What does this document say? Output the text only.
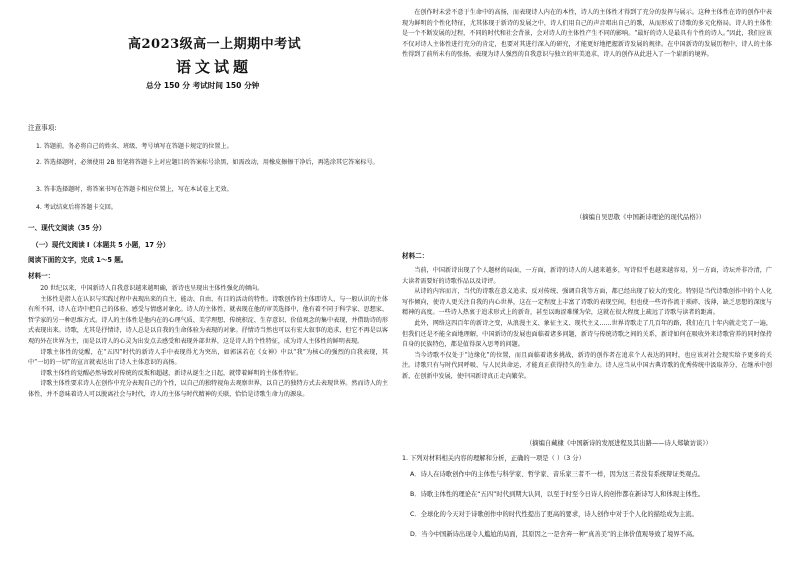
高2023级高一上期期中考试
语文试题
总分 150 分 考试时间 150 分钟
注意事项:
1. 答题前，务必将自己的姓名、班级、考号填写在答题卡规定的位置上。
2. 答选择题时，必须使用 2B 铅笔将答题卡上对应题目的答案标号涂黑，如需改动，用橡皮擦擦干净后，再选涂其它答案标号。
3. 答非选择题时，将答案书写在答题卡相应位置上，写在本试卷上无效。
4. 考试结束后将答题卡交回。
一、现代文阅读（35 分）
（一）现代文阅读 I（本题共 5 小题，17 分）
阅读下面的文字，完成 1～5 题。
材料一：

20 世纪以来，中国新诗人自我意识越来越明确，新诗也呈现出主体性强化的倾向。

主体性是指人在认识与实践过程中表现出来的自主、能动、自由、有目的活动的特性。诗歌创作的主体即诗人，与一般认识的主体有所不同，诗人在诗中把自己的体验、感受与情感对象化。诗人的主体性，就表现在他的审美选择中，他有着不同于科学家、思想家、哲学家的另一种思维方式。诗人的主体性是他内在的心理气质、美学理想、传统积淀、生存意识、价值观念的集中表现，并借助诗的形式表现出来。诗歌，尤其是抒情诗，诗人总是以自我的生命体验为表现的对象。抒情诗当然也可以有宏大叙事的追求，但它不再是以客观的外在世界为主，而是以诗人的心灵为出发点去感受和表现外部世界，这是诗人的个性特征，成为诗人主体性的鲜明表现。

诗歌主体性的觉醒，在“五四”时代的新诗人手中表现得尤为突出，如郭沫若在《女神》中以“我”为核心的强烈的自我表现，其中“一切的一切”的宣言就表达出了诗人主体意识的高扬。

诗歌主体性的觉醒必然导致对传统的反叛和超越，新诗从诞生之日起，就带着鲜明的主体性特征。

诗歌主体性要求诗人在创作中充分表现自己的个性，以自己的独特视角去观察世界，以自己的独特方式去表现世界。然而诗人的主体性，并不意味着诗人可以脱离社会与时代，诗人的主体与时代精神的关联，恰恰是诗歌生命力的源泉。

在创作时未尝不意于生命中的高扬，而表现诗人内在的本性，诗人的主体性才得到了充分的发挥与展示。这种主体性在诗的创作中表现为鲜明的个性化特征，尤其体现于新诗的发展之中，诗人们用自己的声音唱出自己的歌，从而形成了诗歌的多元化格局。诗人的主体性是一个不断发展的过程，不同的时代和社会背景，会对诗人的主体性产生不同的影响。“最好的诗人是最具有个性的诗人。”因此，我们应该不仅对诗人主体性进行充分的肯定，也要对其进行深入的研究，才能更好地把握新诗发展的规律。在中国新诗的发展历程中，诗人的主体性得到了前所未有的张扬，表现为诗人强烈的自我意识与独立的审美追求，诗人的创作从此进入了一个崭新的境界。

（摘编自吴思敬《中国新诗理论的现代品格》）
材料二：

当前，中国新诗出现了个人题材的局面，一方面，新诗的诗人的人越来越多，写诗似乎也越来越容易，另一方面，诗坛并非冷清，广大读者需要好的诗歌作品以及诗评。

从诗的内容而言，当代的诗歌在意义追求、反对传统、强调自我等方面，都已经出现了较大的变化。特别是当代诗歌创作中的个人化写作倾向，使诗人更关注自我的内心世界，这在一定程度上丰富了诗歌的表现空间，但也使一些诗作流于琐碎、浅薄，缺乏思想的深度与精神的高度。一些诗人热衷于追求形式上的新奇，甚至以晦涩难懂为荣，这就在很大程度上疏远了诗歌与读者的距离。

此外，网络这四百年的新诗之变，从浪漫主义、象征主义、现代主义……世界诗歌走了几百年的路，我们在几十年内就走完了一遍，但我们还是不能全面地理解，中国新诗的发展也面临着诸多问题，新诗与传统诗歌之间的关系，新诗如何在吸收外来诗歌营养的同时保持自身的民族特色，都是值得深入思考的问题。

当今诗歌不仅处于“边缘化”的位置，而且面临着诸多挑战，新诗的创作者在追求个人表达的同时，也应该对社会现实给予更多的关注。诗歌只有与时代同呼吸、与人民共命运，才能真正获得持久的生命力。诗人应当从中国古典诗歌的优秀传统中汲取养分，在继承中创新，在创新中发展，使中国新诗真正走向繁荣。

（摘编自藏棣《中国新诗的发展进程及其出路——诗人郑敏访谈》）
1. 下列对材料相关内容的理解和分析，正确的一项是（ ）（3 分）
A．诗人在诗歌创作中的主体性与科学家、哲学家、音乐家三者不一样，因为这三者没有系统辩证类观点。
B．诗歌主体性的理论在“五四”时代到期大认同，以至于时至今日诗人的创作都在新诗写人和体现主体性。
C．全球化的今天对于诗歌创作中的时代性提出了更高的要求，诗人创作中对于个人化的描绘成为主流。
D．当今中国新诗出现令人尴尬的局面，其原因之一是舍弃一种“真善美”的主体价值观导致了境界不高。
